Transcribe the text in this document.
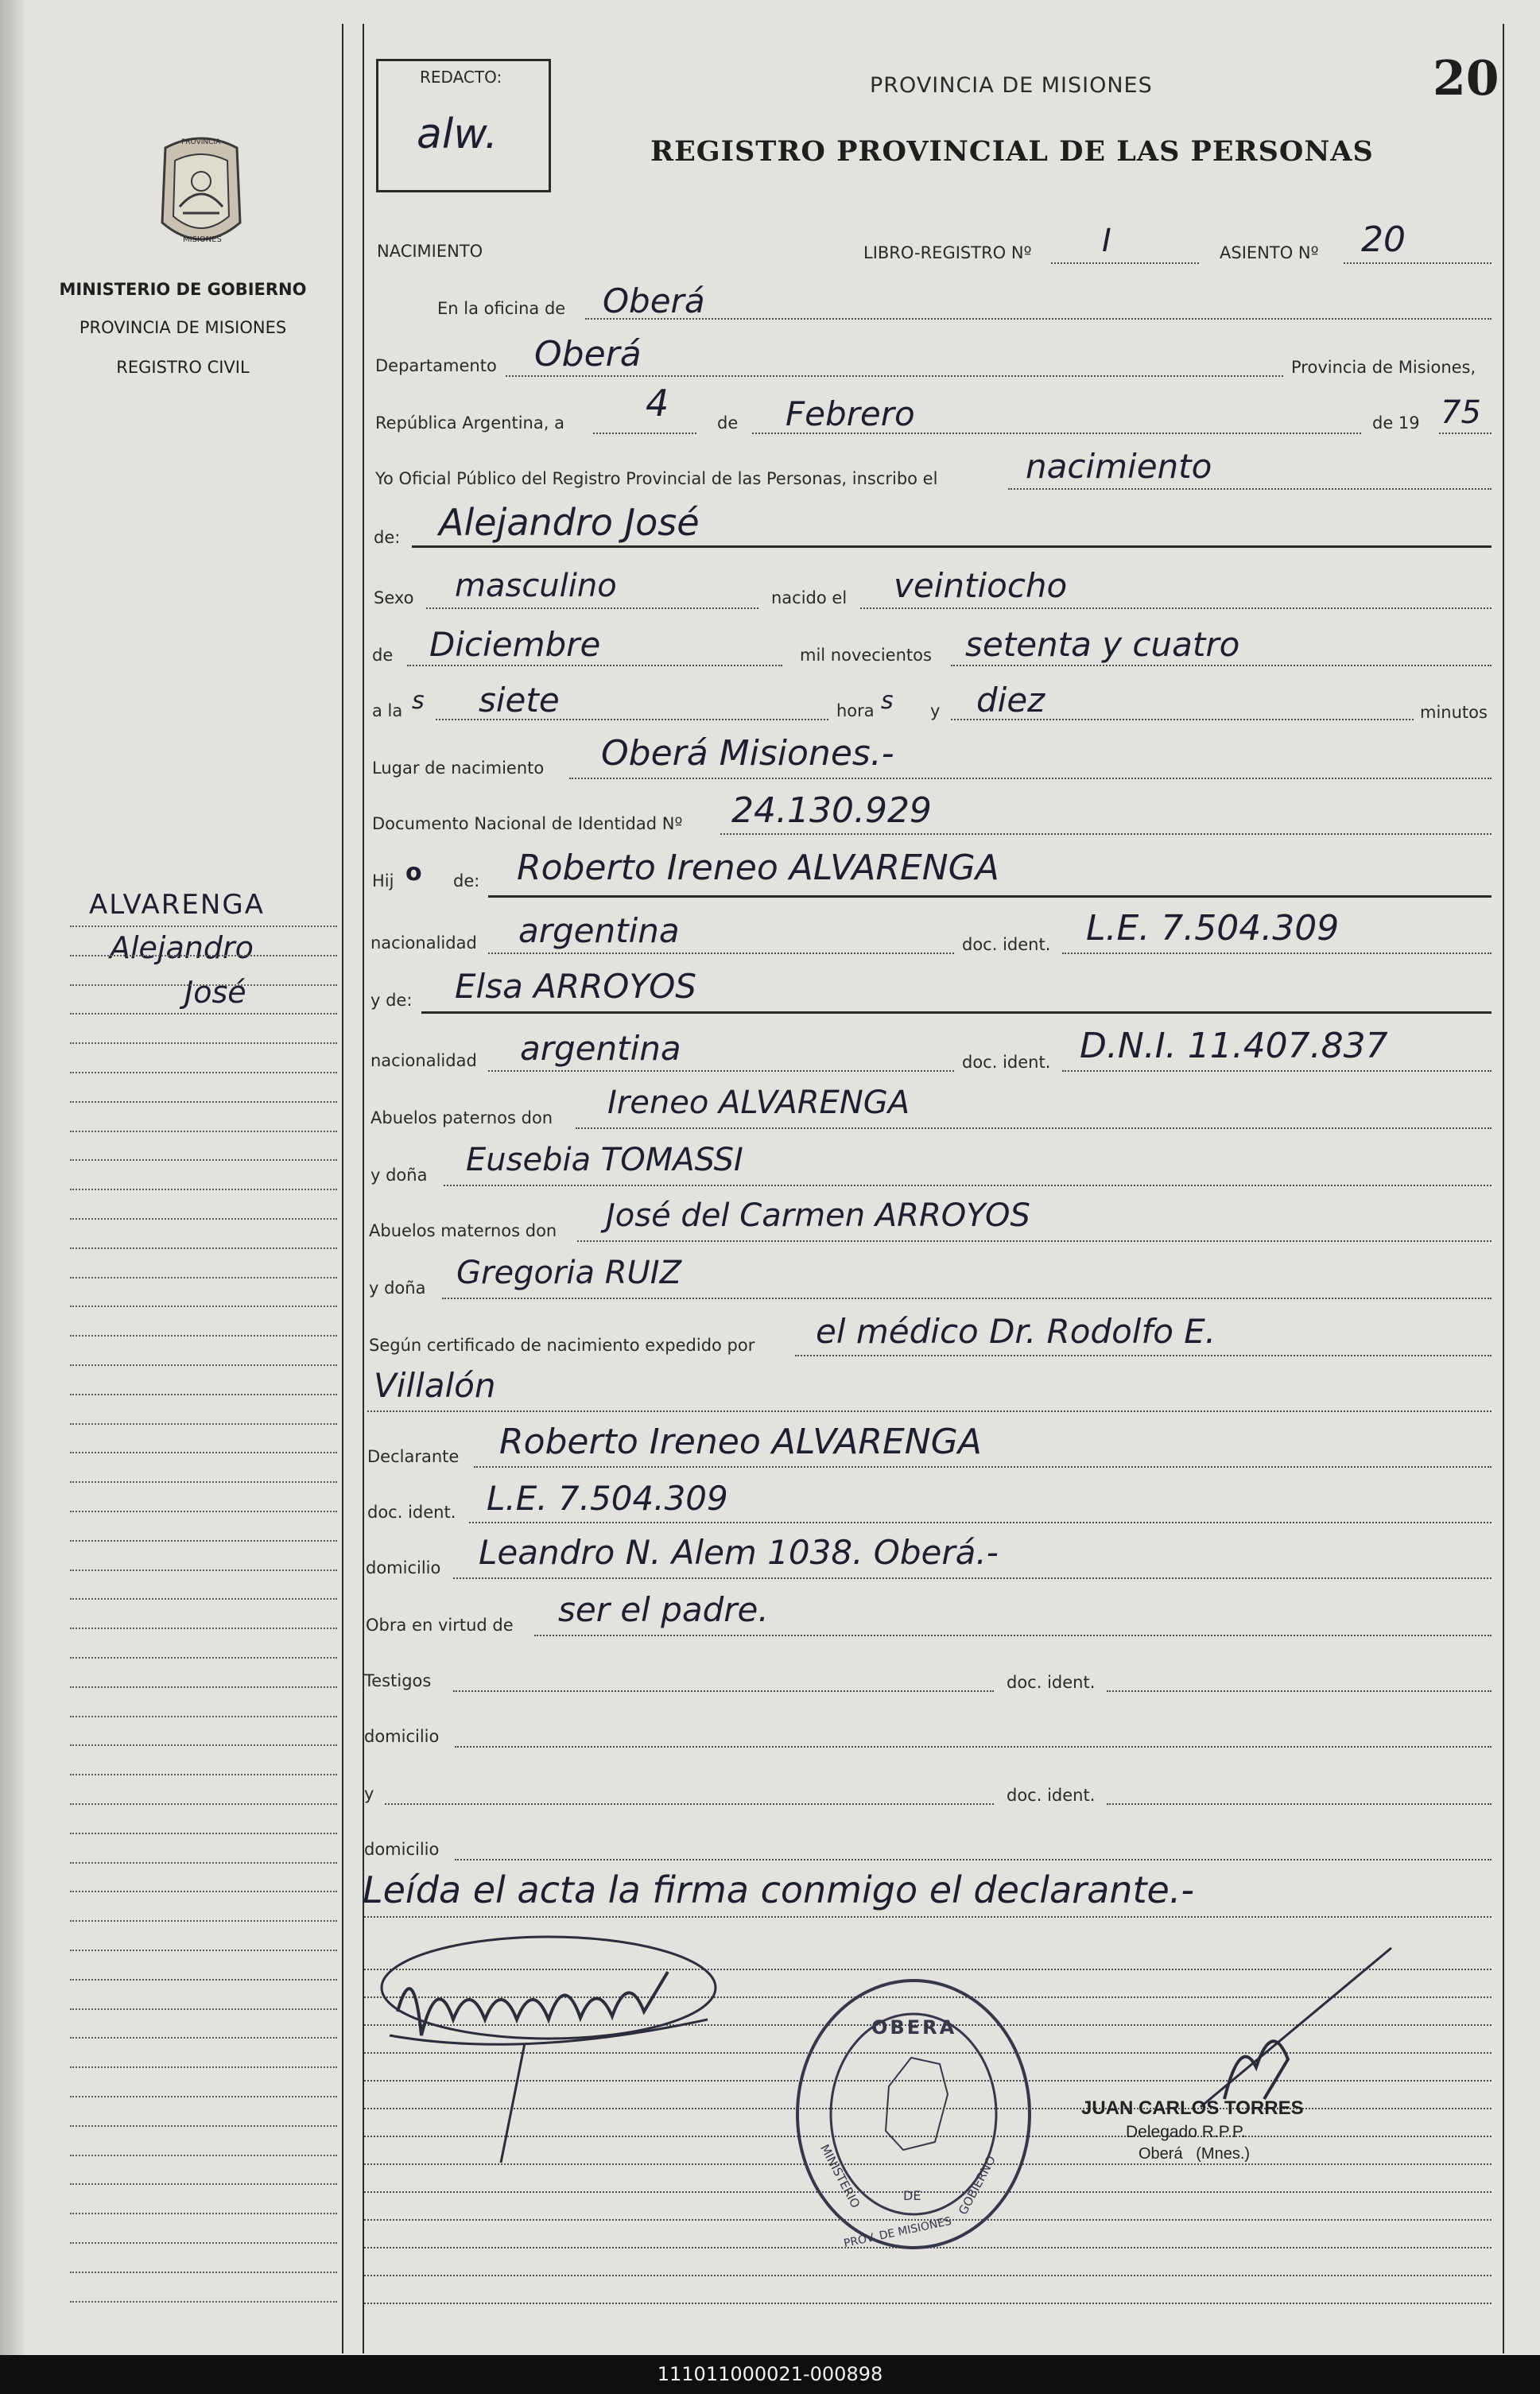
REDACTO:
alw.
PROVINCIA DE MISIONES
REGISTRO PROVINCIAL DE LAS PERSONAS
20
PROVINCIA
MISIONES
MINISTERIO DE GOBIERNO
PROVINCIA DE MISIONES
REGISTRO CIVIL
ALVARENGA
Alejandro
José
NACIMIENTO	LIBRO-REGISTRO Nº I	ASIENTO Nº 20
En la oficina de Oberá
Departamento Oberá	Provincia de Misiones,
República Argentina, a 4	de Febrero	de 19 75
Yo Oficial Público del Registro Provincial de las Personas, inscribo el	nacimiento
de: Alejandro José
Sexo masculino	nacido el veintiocho
de Diciembre	mil novecientos setenta y cuatro
a la s siete	hora s y diez	minutos
Lugar de nacimiento Oberá Misiones.-
Documento Nacional de Identidad Nº 24.130.929
Hij o de: Roberto Ireneo ALVARENGA
nacionalidad argentina	doc. ident. L.E. 7.504.309
y de: Elsa ARROYOS
nacionalidad argentina	doc. ident. D.N.I. 11.407.837
Abuelos paternos don Ireneo ALVARENGA
y doña Eusebia TOMASSI
Abuelos maternos don José del Carmen ARROYOS
y doña Gregoria RUIZ
Según certificado de nacimiento expedido por el médico Dr. Rodolfo E.
Villalón
Declarante Roberto Ireneo ALVARENGA
doc. ident. L.E. 7.504.309
domicilio Leandro N. Alem 1038. Oberá.-
Obra en virtud de ser el padre.
Testigos	doc. ident.
domicilio
y	doc. ident.
domicilio
Leída el acta la firma conmigo el declarante.-
OBERA
MINISTERIO	DE	GOBIERNO
PROV. DE MISIONES
JUAN CARLOS TORRES
Delegado R.P.P.
Oberá   (Mnes.)
111011000021-000898
